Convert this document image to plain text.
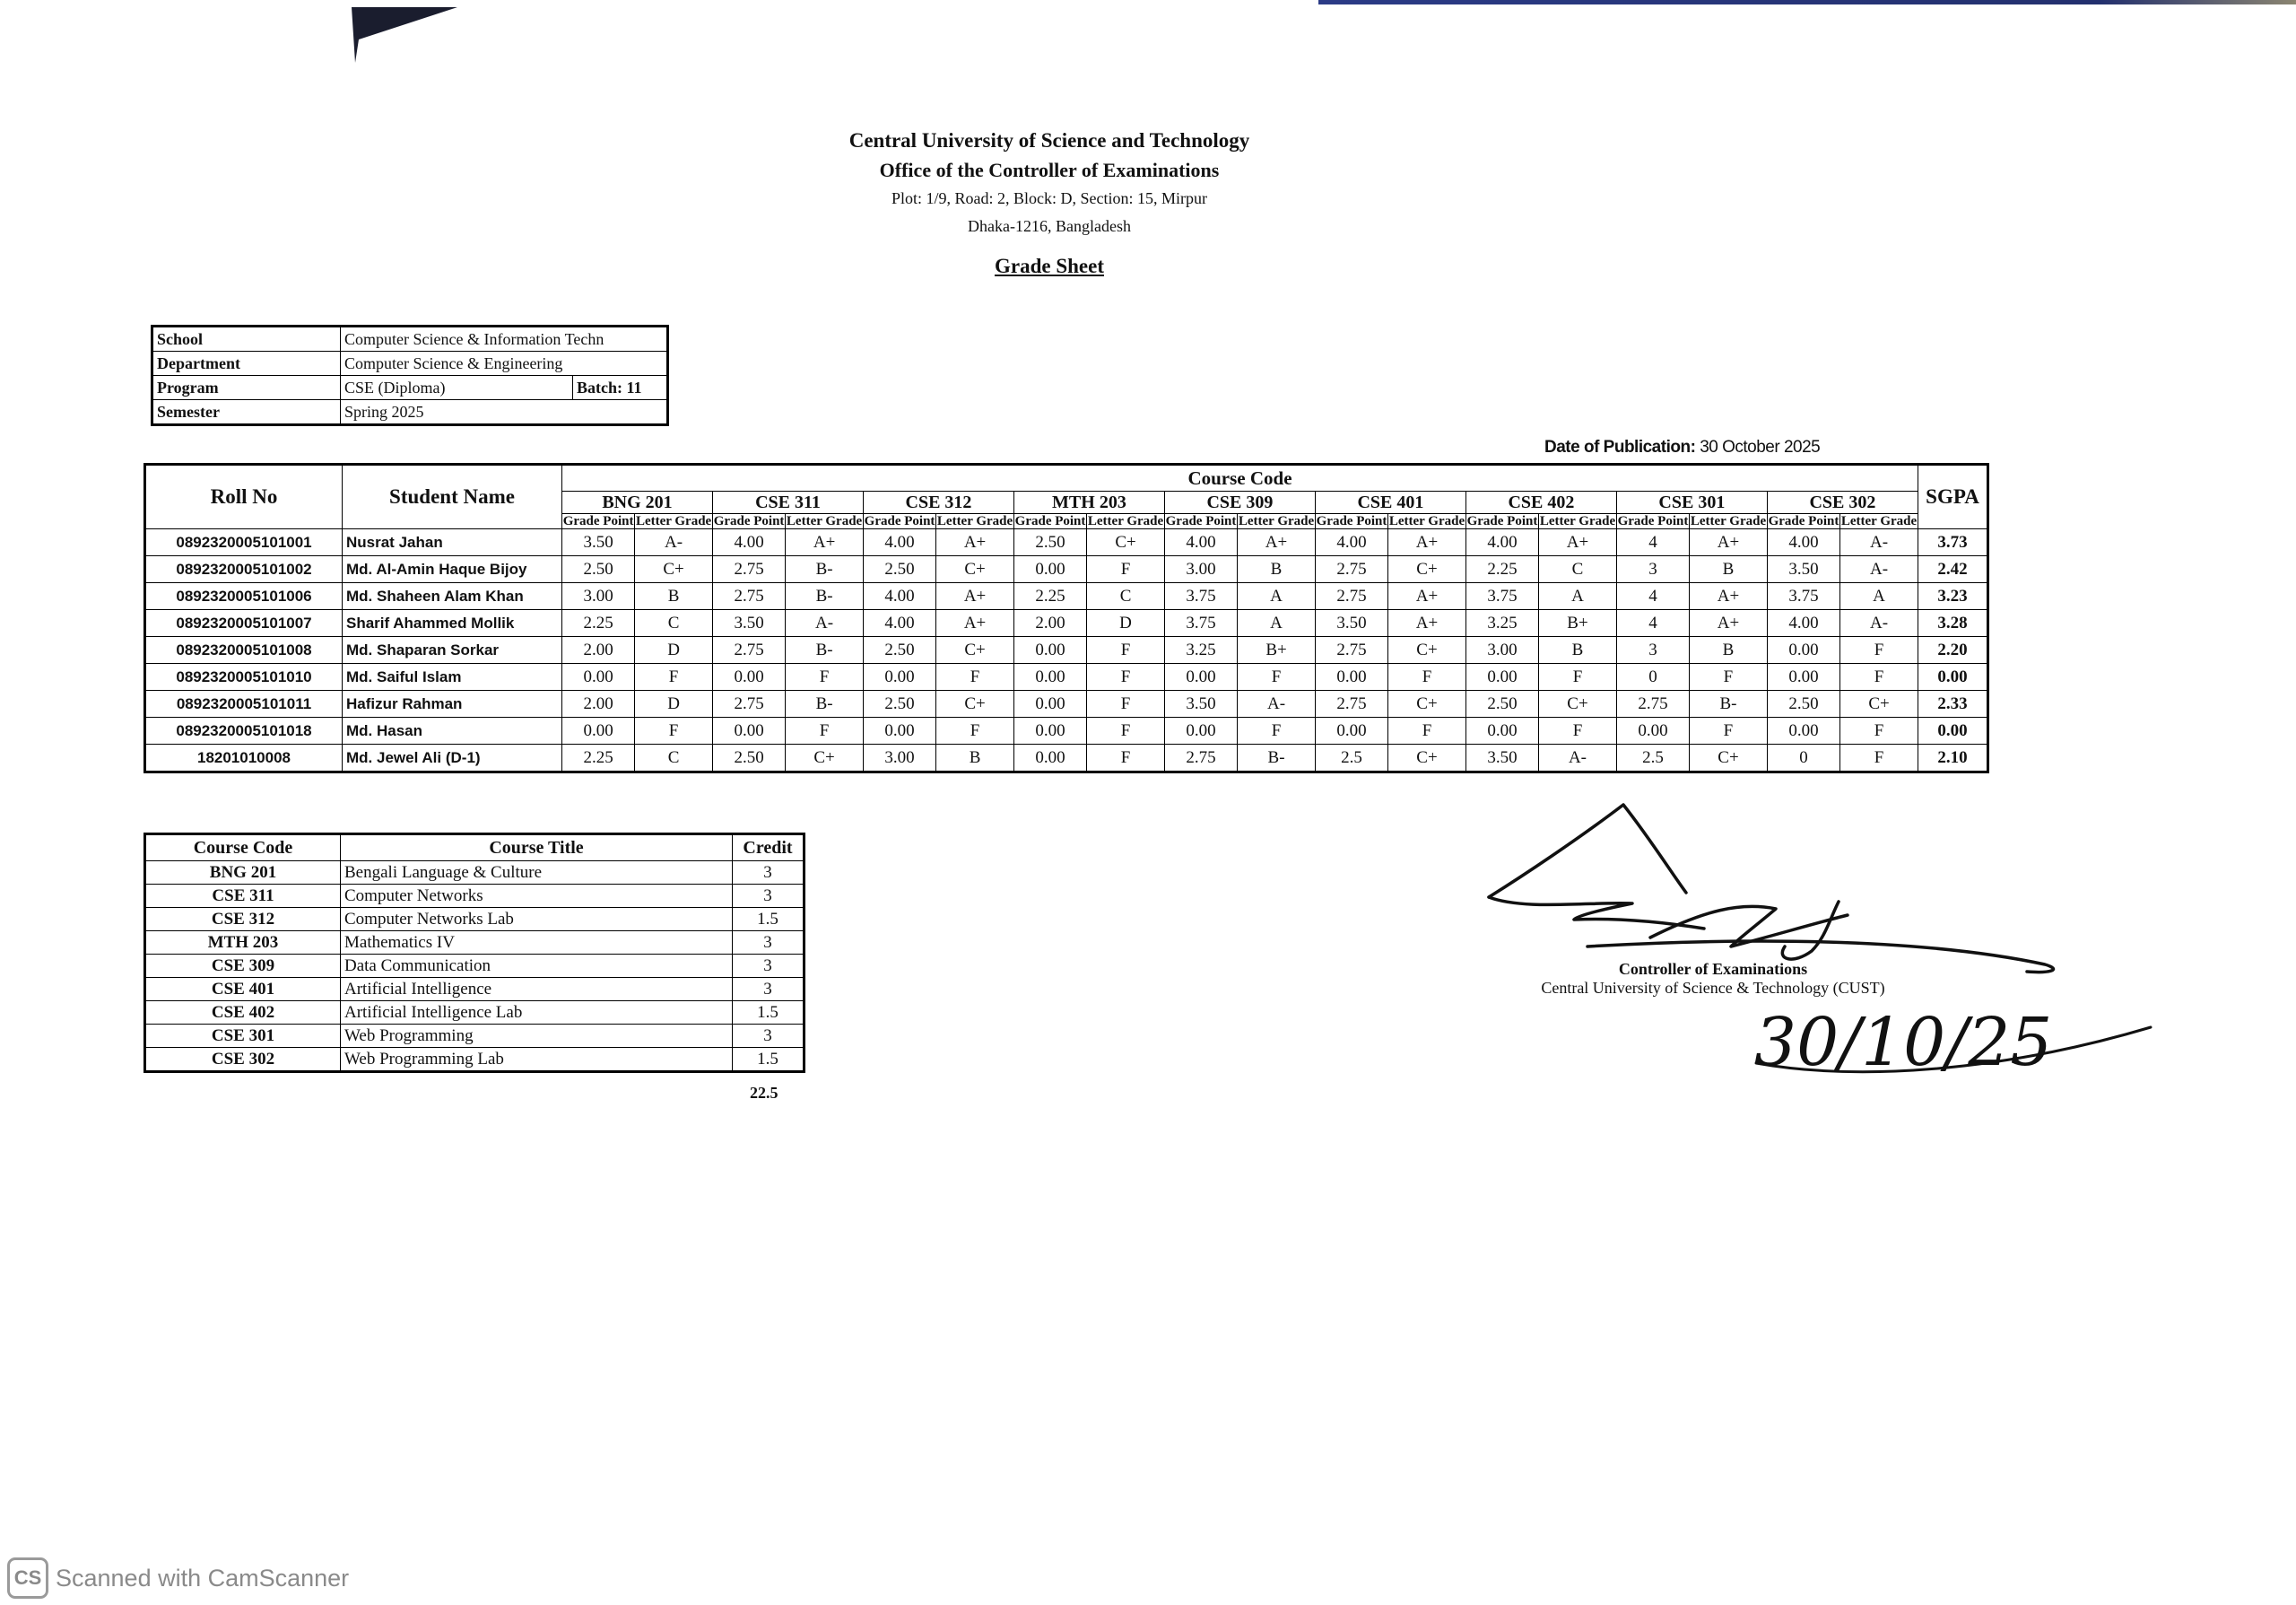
Central University of Science and Technology
Office of the Controller of Examinations
Plot: 1/9, Road: 2, Block: D, Section: 15, Mirpur
Dhaka-1216, Bangladesh
Grade Sheet
School	Computer Science & Information Techn	
Department	Computer Science & Engineering	
Program	CSE (Diploma)	Batch: 11
Semester	Spring 2025	
Date of Publication: 30 October 2025
Roll No	Student Name	Course Code																		SGPA
		BNG 201		CSE 311		CSE 312		MTH 203		CSE 309		CSE 401		CSE 402		CSE 301		CSE 302		
		Grade Point	Letter Grade	Grade Point	Letter Grade	Grade Point	Letter Grade	Grade Point	Letter Grade	Grade Point	Letter Grade	Grade Point	Letter Grade	Grade Point	Letter Grade	Grade Point	Letter Grade	Grade Point	Letter Grade	
0892320005101001	Nusrat Jahan	3.50	A-	4.00	A+	4.00	A+	2.50	C+	4.00	A+	4.00	A+	4.00	A+	4	A+	4.00	A-	3.73
0892320005101002	Md. Al-Amin Haque Bijoy	2.50	C+	2.75	B-	2.50	C+	0.00	F	3.00	B	2.75	C+	2.25	C	3	B	3.50	A-	2.42
0892320005101006	Md. Shaheen Alam Khan	3.00	B	2.75	B-	4.00	A+	2.25	C	3.75	A	2.75	A+	3.75	A	4	A+	3.75	A	3.23
0892320005101007	Sharif Ahammed Mollik	2.25	C	3.50	A-	4.00	A+	2.00	D	3.75	A	3.50	A+	3.25	B+	4	A+	4.00	A-	3.28
0892320005101008	Md. Shaparan Sorkar	2.00	D	2.75	B-	2.50	C+	0.00	F	3.25	B+	2.75	C+	3.00	B	3	B	0.00	F	2.20
0892320005101010	Md. Saiful Islam	0.00	F	0.00	F	0.00	F	0.00	F	0.00	F	0.00	F	0.00	F	0	F	0.00	F	0.00
0892320005101011	Hafizur Rahman	2.00	D	2.75	B-	2.50	C+	0.00	F	3.50	A-	2.75	C+	2.50	C+	2.75	B-	2.50	C+	2.33
0892320005101018	Md. Hasan	0.00	F	0.00	F	0.00	F	0.00	F	0.00	F	0.00	F	0.00	F	0.00	F	0.00	F	0.00
18201010008	Md. Jewel Ali (D-1)	2.25	C	2.50	C+	3.00	B	0.00	F	2.75	B-	2.5	C+	3.50	A-	2.5	C+	0	F	2.10
Course Code	Course Title	Credit
BNG 201	Bengali Language & Culture	3
CSE 311	Computer Networks	3
CSE 312	Computer Networks Lab	1.5
MTH 203	Mathematics IV	3
CSE 309	Data Communication	3
CSE 401	Artificial Intelligence	3
CSE 402	Artificial Intelligence Lab	1.5
CSE 301	Web Programming	3
CSE 302	Web Programming Lab	1.5
22.5
Controller of Examinations
Central University of Science & Technology (CUST)
30/10/25
CS Scanned with CamScanner
